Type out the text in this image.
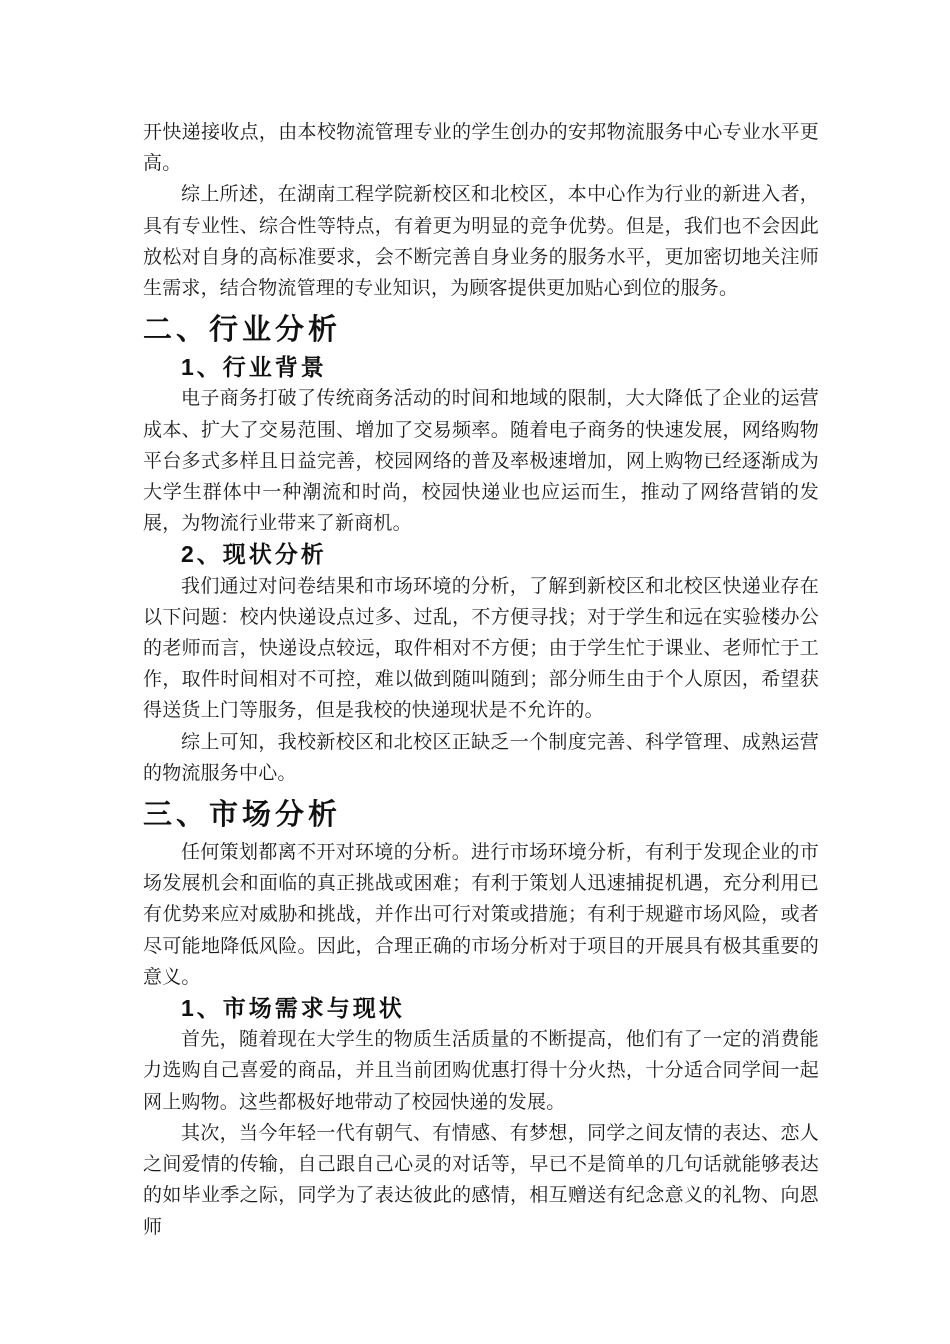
开快递接收点，由本校物流管理专业的学生创办的安邦物流服务中心专业水平更高。

综上所述，在湖南工程学院新校区和北校区，本中心作为行业的新进入者，具有专业性、综合性等特点，有着更为明显的竞争优势。但是，我们也不会因此放松对自身的高标准要求，会不断完善自身业务的服务水平，更加密切地关注师生需求，结合物流管理的专业知识，为顾客提供更加贴心到位的服务。

二、行业分析
1、行业背景

电子商务打破了传统商务活动的时间和地域的限制，大大降低了企业的运营成本、扩大了交易范围、增加了交易频率。随着电子商务的快速发展，网络购物平台多式多样且日益完善，校园网络的普及率极速增加，网上购物已经逐渐成为大学生群体中一种潮流和时尚，校园快递业也应运而生，推动了网络营销的发展，为物流行业带来了新商机。

2、现状分析

我们通过对问卷结果和市场环境的分析，了解到新校区和北校区快递业存在以下问题：校内快递设点过多、过乱，不方便寻找；对于学生和远在实验楼办公的老师而言，快递设点较远，取件相对不方便；由于学生忙于课业、老师忙于工作，取件时间相对不可控，难以做到随叫随到；部分师生由于个人原因，希望获得送货上门等服务，但是我校的快递现状是不允许的。

综上可知，我校新校区和北校区正缺乏一个制度完善、科学管理、成熟运营的物流服务中心。

三、市场分析

任何策划都离不开对环境的分析。进行市场环境分析，有利于发现企业的市场发展机会和面临的真正挑战或困难；有利于策划人迅速捕捉机遇，充分利用已有优势来应对威胁和挑战，并作出可行对策或措施；有利于规避市场风险，或者尽可能地降低风险。因此，合理正确的市场分析对于项目的开展具有极其重要的意义。

1、市场需求与现状

首先，随着现在大学生的物质生活质量的不断提高，他们有了一定的消费能力选购自己喜爱的商品，并且当前团购优惠打得十分火热，十分适合同学间一起网上购物。这些都极好地带动了校园快递的发展。

其次，当今年轻一代有朝气、有情感、有梦想，同学之间友情的表达、恋人之间爱情的传输，自己跟自己心灵的对话等，早已不是简单的几句话就能够表达的如毕业季之际，同学为了表达彼此的感情，相互赠送有纪念意义的礼物、向恩师
